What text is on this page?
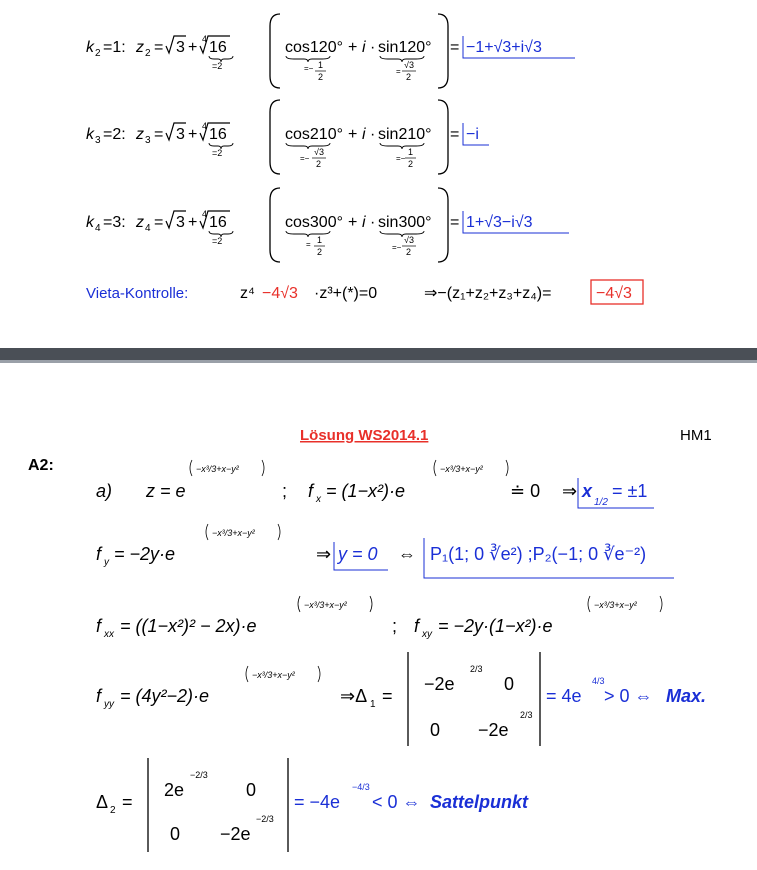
k 2 =1: z 2 = 3 + 4 16
=2
cos120°
=− 1
2
+ i · sin120°
=
√3
2
= −1+√3+i√3
k 3 =2: z 3 = 3 + 4 16
=2
cos210°
=−
√3
2
+ i · sin210°
=−
1
2
= −i
k 4 =3: z 4 = 3 + 4 16
=2
cos300°
= 1
2
+ i · sin300°
=−
√3
2
= 1+√3−i√3
Vieta-Kontrolle:	z⁴ −4√3 ·z³+(*)=0	⇒−(z₁+z₂+z₃+z₄)=	−4√3
Lösung WS2014.1	HM1
A2:
a) z = e
−x³/3+x−y²
; f x = (1−x²)·e
−x³/3+x−y²
≐ 0 ⇒ x
1/2
= ±1
f y = −2y·e
−x³/3+x−y²
⇒ y = 0 ⇔ P₁(1; 0 ∛e²) ;P₂(−1; 0 ∛e⁻²)
f xx = ((1−x²)² − 2x)·e
−x³/3+x−y²
; f xy = −2y·(1−x²)·e
−x³/3+x−y²
f yy = (4y²−2)·e
−x³/3+x−y²
⇒Δ 1 =
−2e
2/3
0
0 −2e
2/3
= 4e
4/3
> 0 ⇔ Max.
Δ 2 =
2e
−2/3
0
0 −2e
−2/3
= −4e
−4/3
< 0 ⇔ Sattelpunkt
